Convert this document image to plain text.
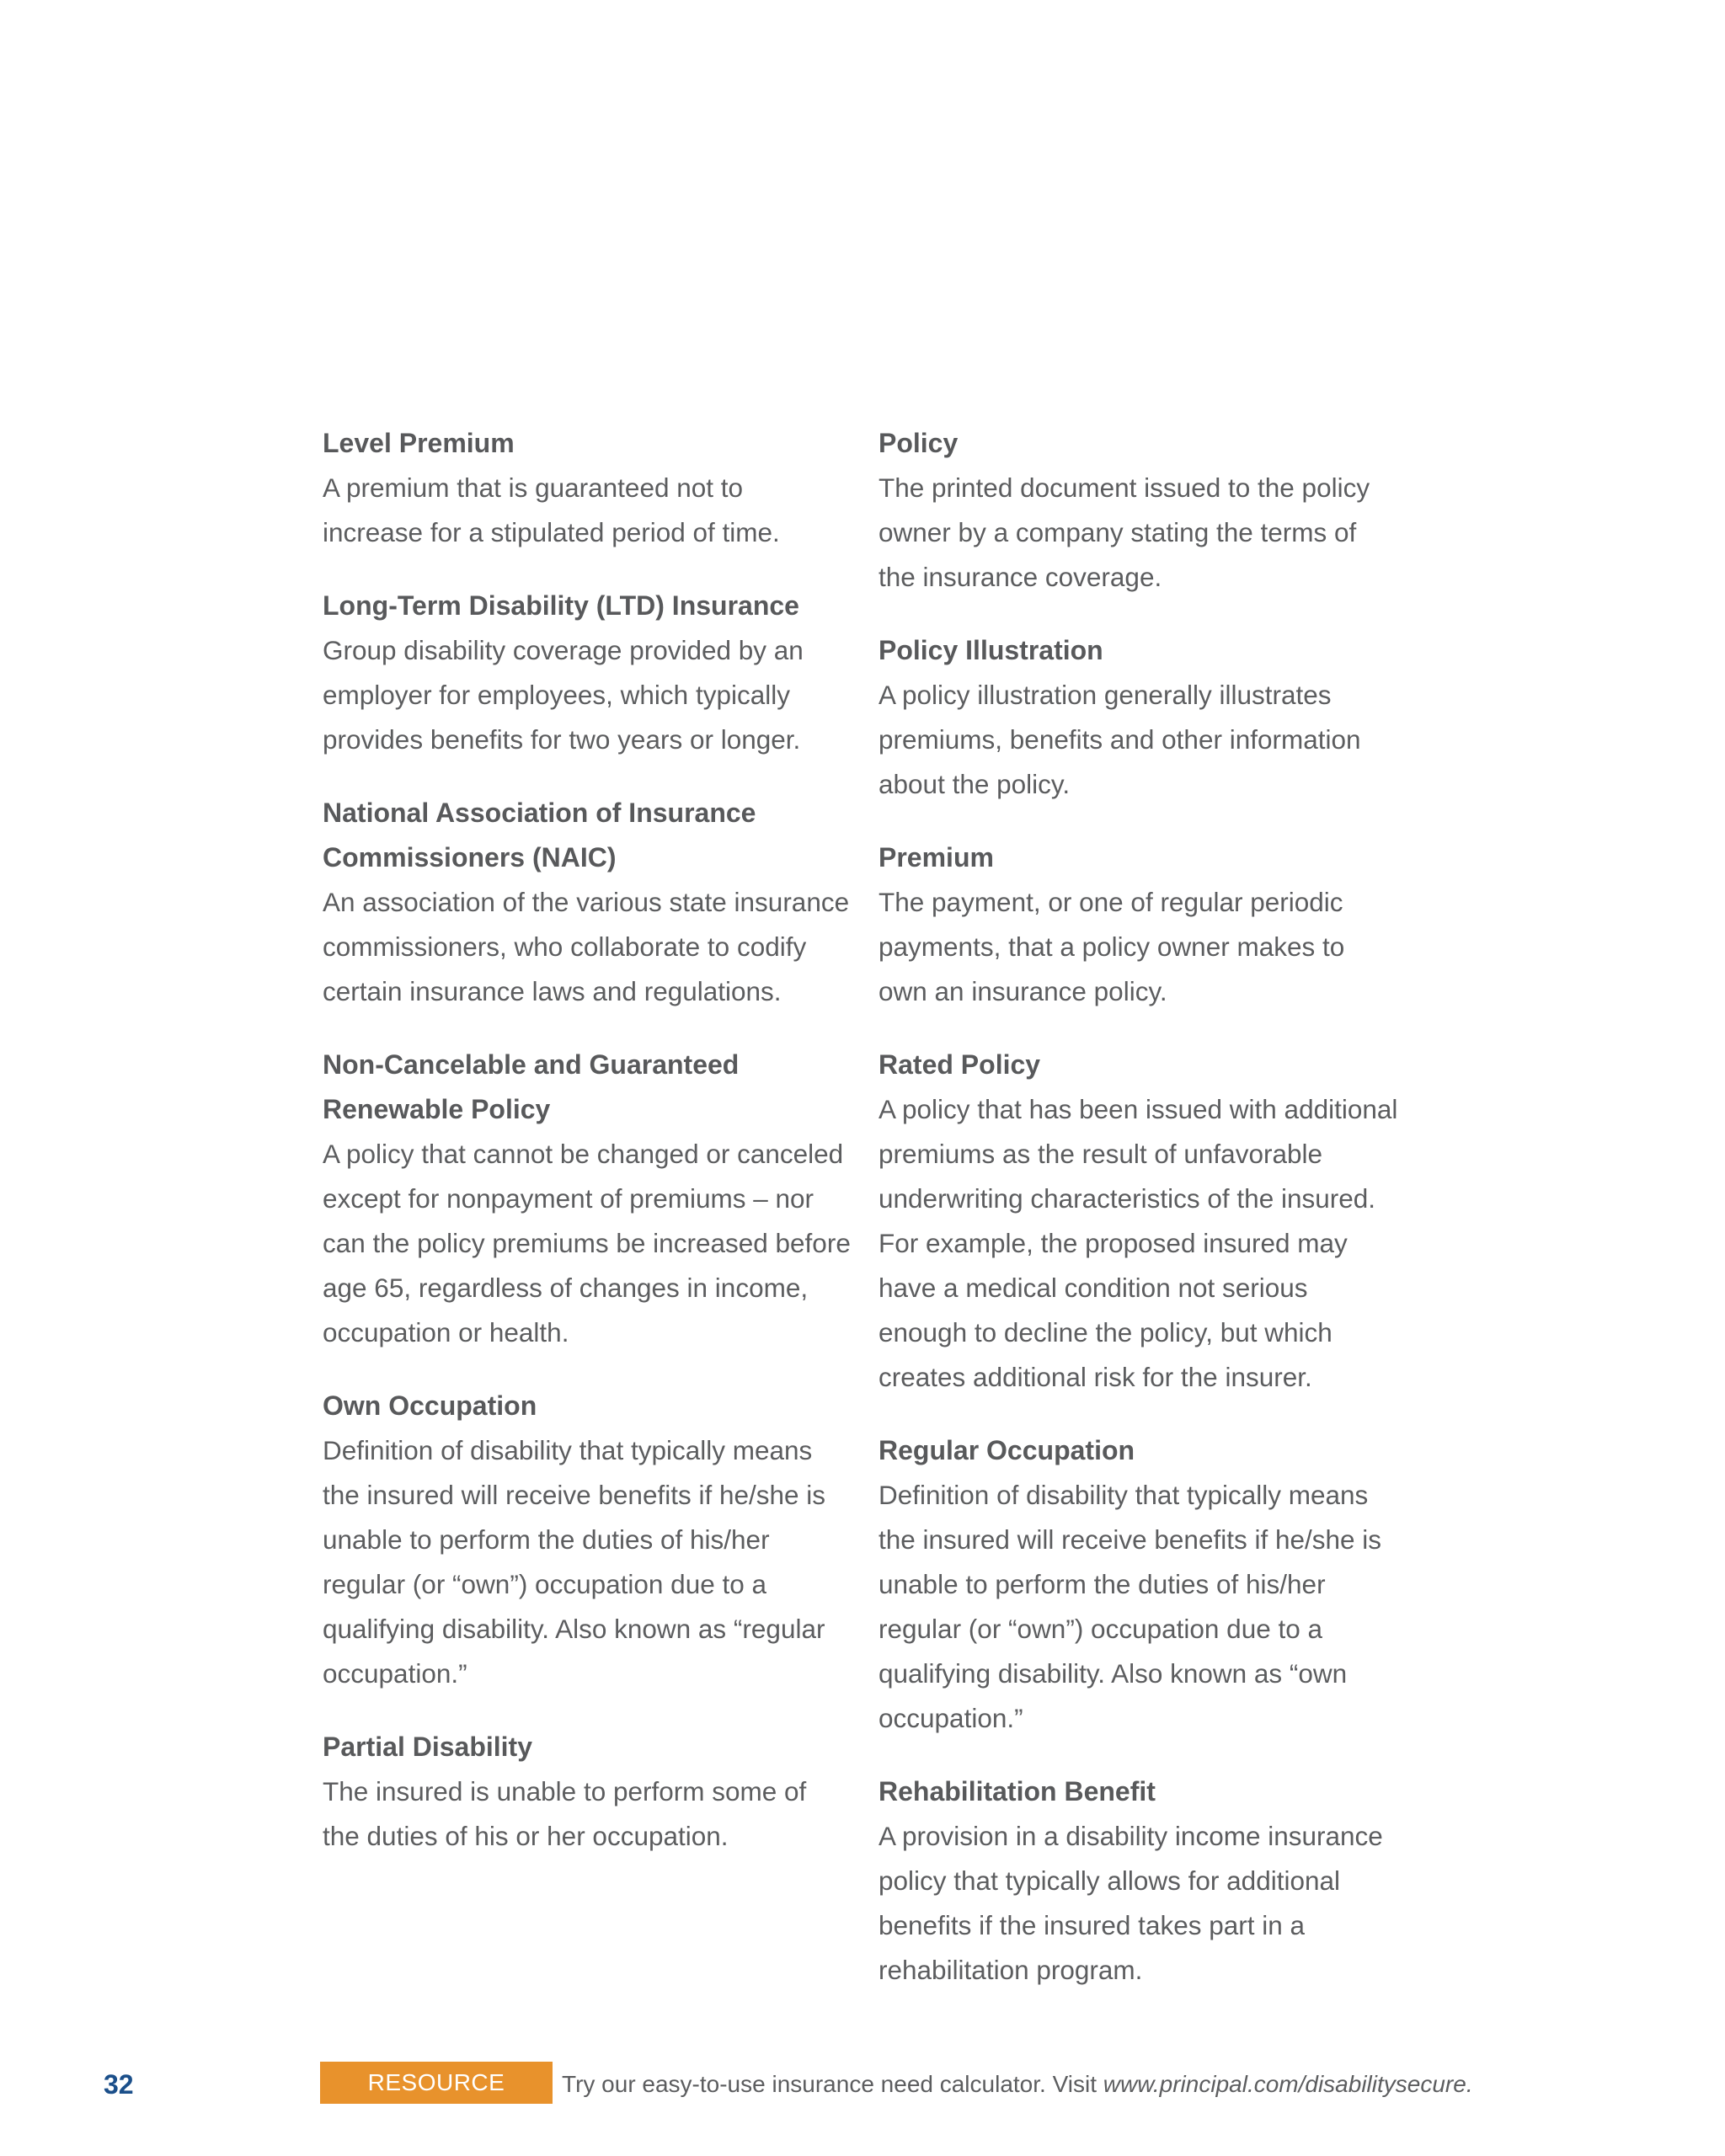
Level Premium
A premium that is guaranteed not to
increase for a stipulated period of time.
Long-Term Disability (LTD) Insurance
Group disability coverage provided by an
employer for employees, which typically
provides benefits for two years or longer.
National Association of Insurance
Commissioners (NAIC)
An association of the various state insurance
commissioners, who collaborate to codify
certain insurance laws and regulations.
Non-Cancelable and Guaranteed
Renewable Policy
A policy that cannot be changed or canceled
except for nonpayment of premiums – nor
can the policy premiums be increased before
age 65, regardless of changes in income,
occupation or health.
Own Occupation
Definition of disability that typically means
the insured will receive benefits if he/she is
unable to perform the duties of his/her
regular (or “own”) occupation due to a
qualifying disability. Also known as “regular
occupation.”
Partial Disability
The insured is unable to perform some of
the duties of his or her occupation.
Policy
The printed document issued to the policy
owner by a company stating the terms of
the insurance coverage.
Policy Illustration
A policy illustration generally illustrates
premiums, benefits and other information
about the policy.
Premium
The payment, or one of regular periodic
payments, that a policy owner makes to
own an insurance policy.
Rated Policy
A policy that has been issued with additional
premiums as the result of unfavorable
underwriting characteristics of the insured.
For example, the proposed insured may
have a medical condition not serious
enough to decline the policy, but which
creates additional risk for the insurer.
Regular Occupation
Definition of disability that typically means
the insured will receive benefits if he/she is
unable to perform the duties of his/her
regular (or “own”) occupation due to a
qualifying disability. Also known as “own
occupation.”
Rehabilitation Benefit
A provision in a disability income insurance
policy that typically allows for additional
benefits if the insured takes part in a
rehabilitation program.
32	RESOURCE	Try our easy-to-use insurance need calculator. Visit www.principal.com/disabilitysecure.
